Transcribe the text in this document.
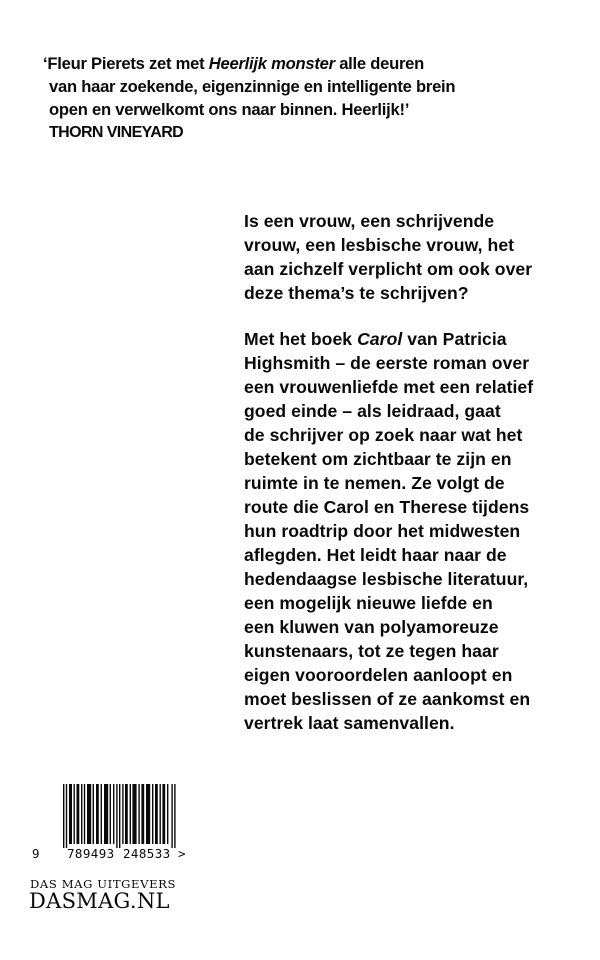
‘Fleur Pierets zet met Heerlijk monster alle deuren
van haar zoekende, eigenzinnige en intelligente brein
open en verwelkomt ons naar binnen. Heerlijk!’
THORN VINEYARD
Is een vrouw, een schrijvende
vrouw, een lesbische vrouw, het
aan zichzelf verplicht om ook over
deze thema’s te schrijven?
Met het boek Carol van Patricia
Highsmith – de eerste roman over
een vrouwenliefde met een relatief
goed einde – als leidraad, gaat
de schrijver op zoek naar wat het
betekent om zichtbaar te zijn en
ruimte in te nemen. Ze volgt de
route die Carol en Therese tijdens
hun roadtrip door het midwesten
aflegden. Het leidt haar naar de
hedendaagse lesbische literatuur,
een mogelijk nieuwe liefde en
een kluwen van polyamoreuze
kunstenaars, tot ze tegen haar
eigen vooroordelen aanloopt en
moet beslissen of ze aankomst en
vertrek laat samenvallen.
9 789493 248533 >
DAS MAG UITGEVERS
DASMAG.NL
